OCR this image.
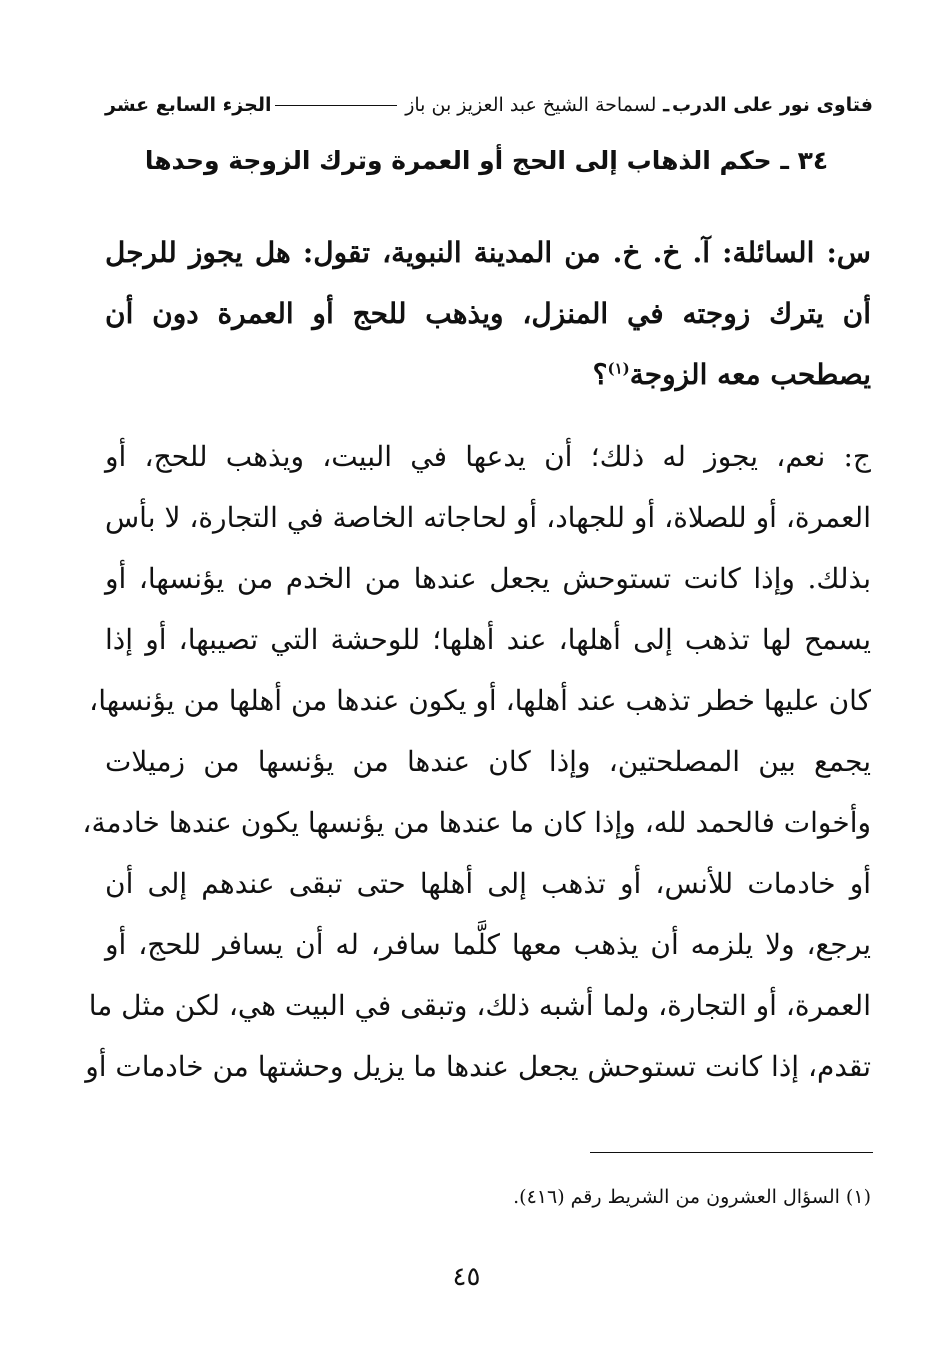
فتاوى نور على الدرب
ـ
لسماحة الشيخ عبد العزيز بن باز
الجزء السابع عشر
٣٤ ـ حكم الذهاب إلى الحج أو العمرة وترك الزوجة وحدها
س: السائلة: آ. خ. خ. من المدينة النبوية، تقول: هل يجوز للرجل
أن يترك زوجته في المنزل، ويذهب للحج أو العمرة دون أن
يصطحب معه الزوجة$^{(١)}$؟
ج: نعم، يجوز له ذلك؛ أن يدعها في البيت، ويذهب للحج، أو
العمرة، أو للصلاة، أو للجهاد، أو لحاجاته الخاصة في التجارة، لا بأس
بذلك. وإذا كانت تستوحش يجعل عندها من الخدم من يؤنسها، أو
يسمح لها تذهب إلى أهلها، عند أهلها؛ للوحشة التي تصيبها، أو إذا
كان عليها خطر تذهب عند أهلها، أو يكون عندها من أهلها من يؤنسها،
يجمع بين المصلحتين، وإذا كان عندها من يؤنسها من زميلات
وأخوات فالحمد لله، وإذا كان ما عندها من يؤنسها يكون عندها خادمة،
أو خادمات للأنس، أو تذهب إلى أهلها حتى تبقى عندهم إلى أن
يرجع، ولا يلزمه أن يذهب معها كلَّما سافر، له أن يسافر للحج، أو
العمرة، أو التجارة، ولما أشبه ذلك، وتبقى في البيت هي، لكن مثل ما
تقدم، إذا كانت تستوحش يجعل عندها ما يزيل وحشتها من خادمات أو
(١) السؤال العشرون من الشريط رقم (٤١٦).
٤٥
